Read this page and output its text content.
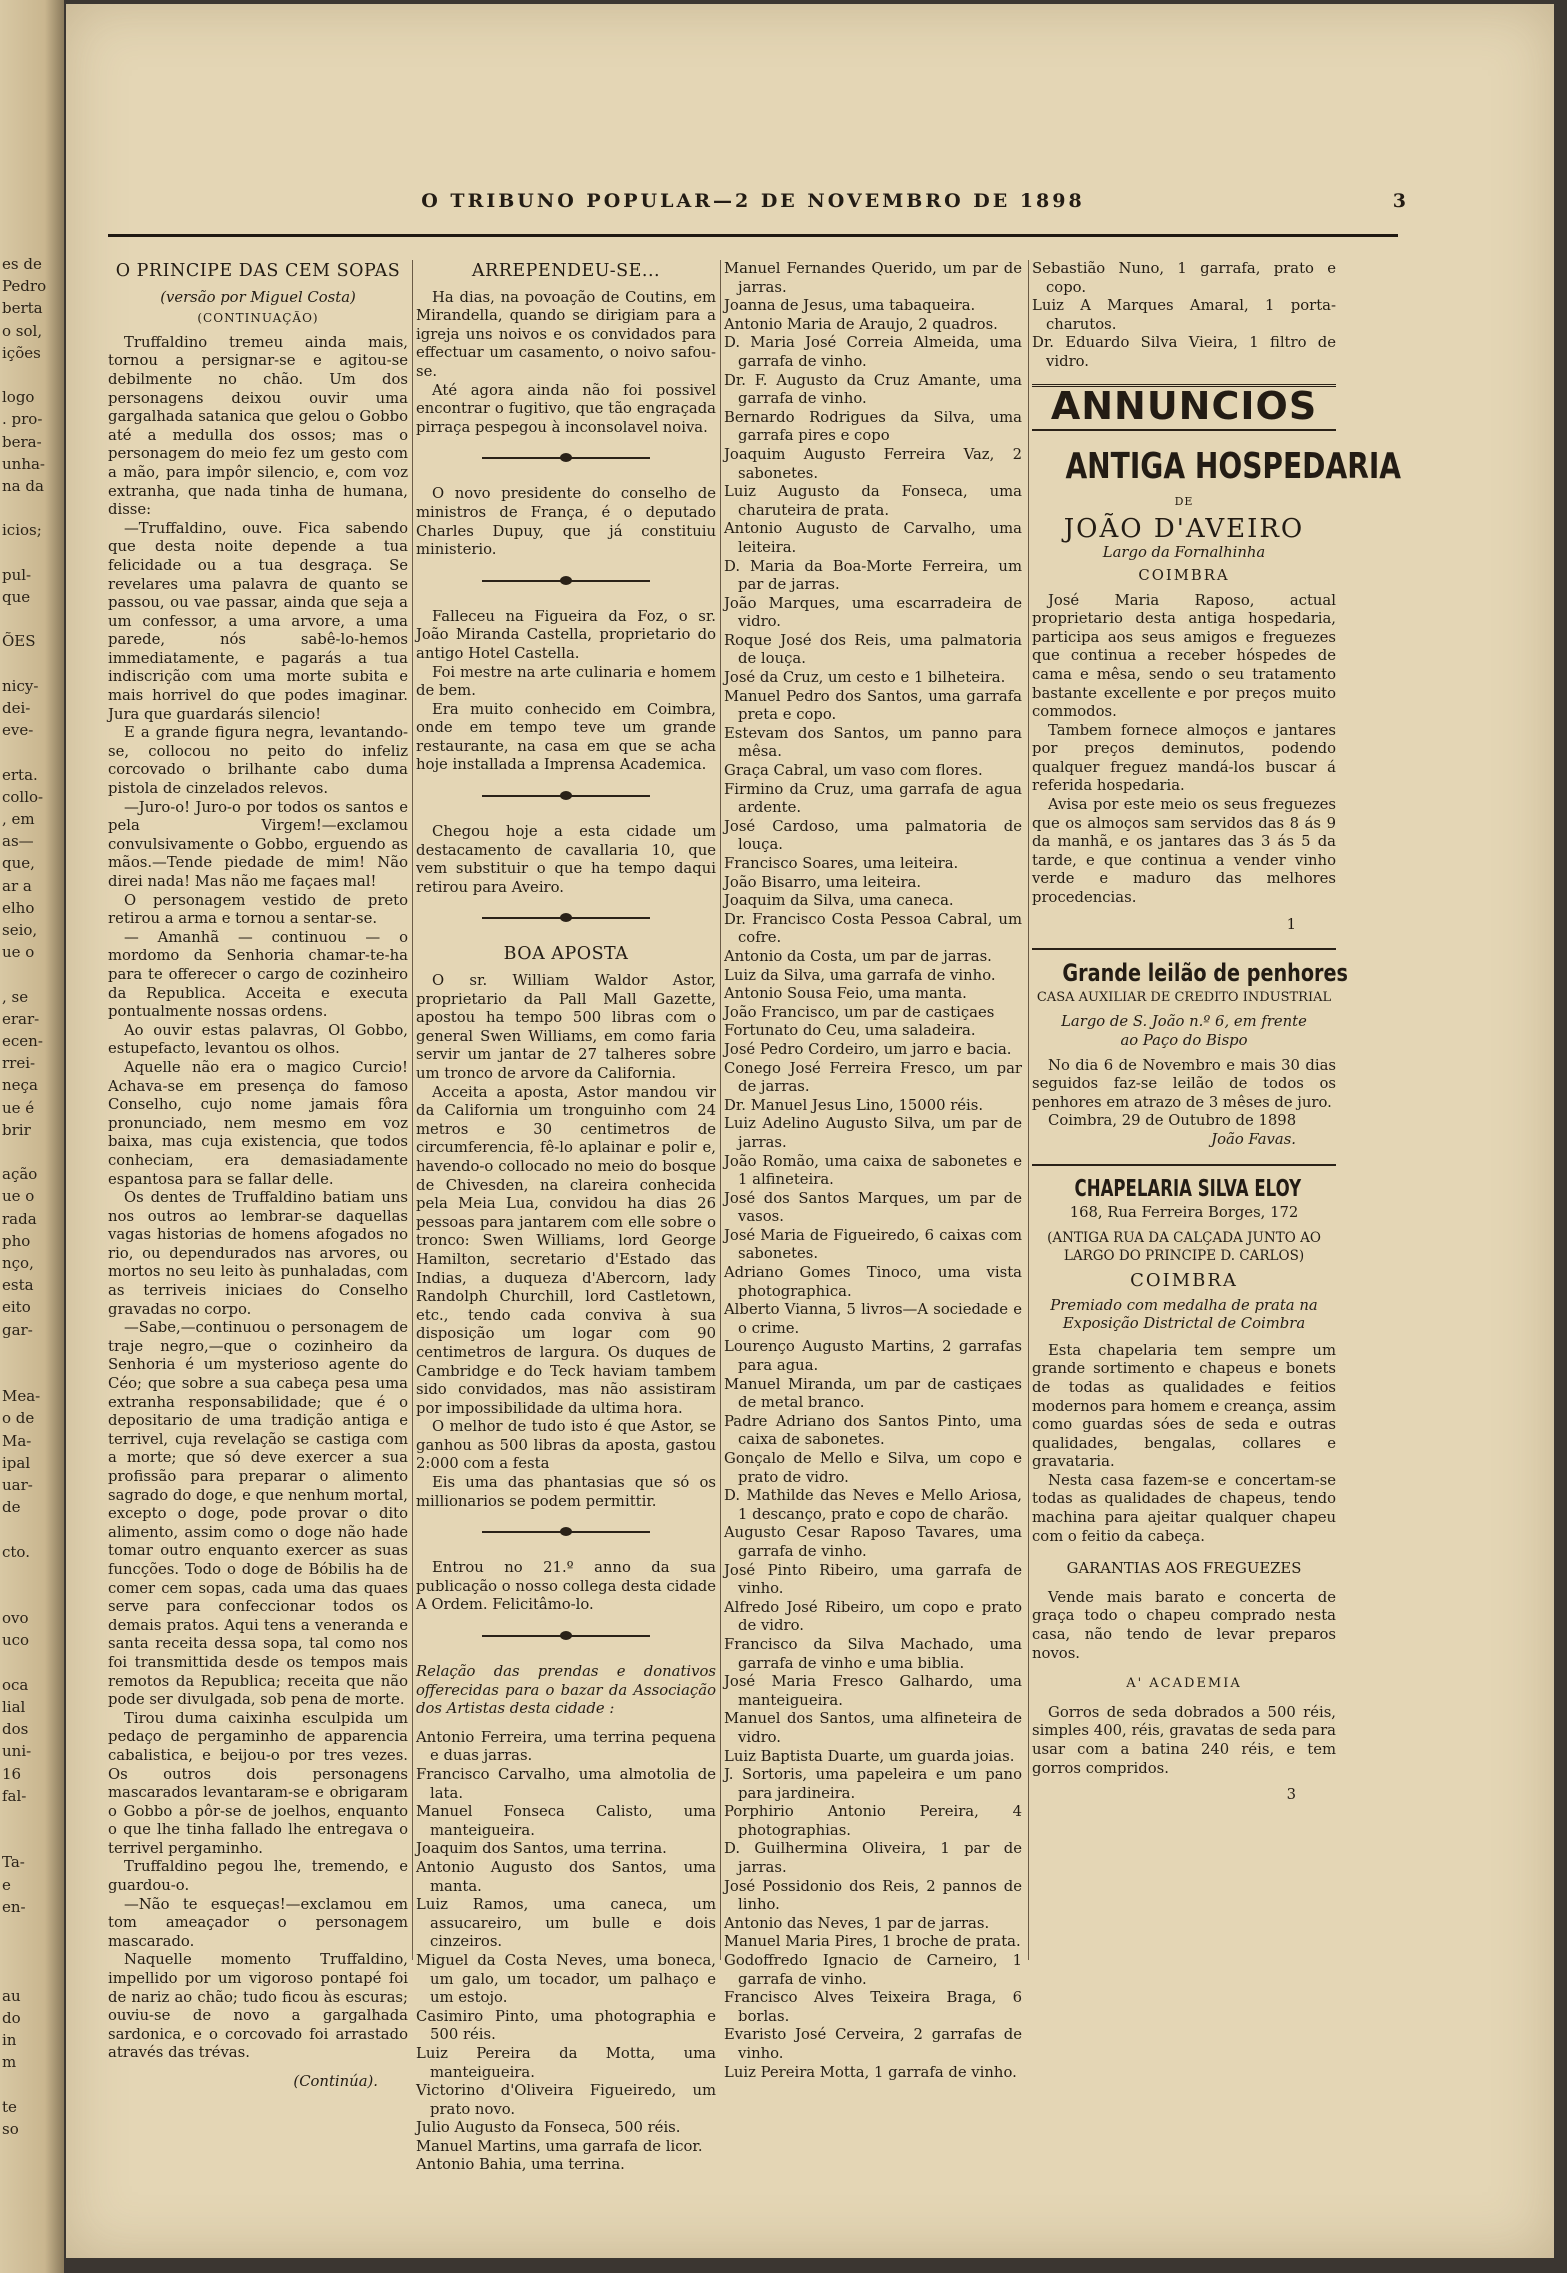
es de
Pedro
berta
o sol,
ições
logo
. pro-
bera-
unha-
na da
icios;
pul-
que
ÕES
nicy-
dei-
eve-
erta.
collo-
, em
as—
que,
ar a
elho
seio,
ue o
, se
erar-
ecen-
rrei-
neça
ue é
brir
ação
ue o
rada
pho
nço,
esta
eito
gar-
Mea-
o de
Ma-
ipal
uar-
de
cto.
ovo
uco
oca
lial
dos
uni-
16
fal-
Ta-
e
en-
au
do
in
m
te
so
O TRIBUNO POPULAR—2 DE NOVEMBRO DE 1898	3
O PRINCIPE DAS CEM SOPAS

(versão por Miguel Costa)

(CONTINUAÇÃO)

Truffaldino tremeu ainda mais, tornou a persignar-se e agitou-se debilmente no chão. Um dos personagens deixou ouvir uma gargalhada satanica que gelou o Gobbo até a medulla dos ossos; mas o personagem do meio fez um gesto com a mão, para impôr silencio, e, com voz extranha, que nada tinha de humana, disse:

—Truffaldino, ouve. Fica sabendo que desta noite depende a tua felicidade ou a tua desgraça. Se revelares uma palavra de quanto se passou, ou vae passar, ainda que seja a um confessor, a uma arvore, a uma parede, nós sabê-lo-hemos immediatamente, e pagarás a tua indiscrição com uma morte subita e mais horrivel do que podes imaginar. Jura que guardarás silencio!

E a grande figura negra, levantando-se, collocou no peito do infeliz corcovado o brilhante cabo duma pistola de cinzelados relevos.

—Juro-o! Juro-o por todos os santos e pela Virgem!—exclamou convulsivamente o Gobbo, erguendo as mãos.—Tende piedade de mim! Não direi nada! Mas não me façaes mal!

O personagem vestido de preto retirou a arma e tornou a sentar-se.

— Amanhã — continuou — o mordomo da Senhoria chamar-te-ha para te offerecer o cargo de cozinheiro da Republica. Acceita e executa pontualmente nossas ordens.

Ao ouvir estas palavras, Ol Gobbo, estupefacto, levantou os olhos.

Aquelle não era o magico Curcio! Achava-se em presença do famoso Conselho, cujo nome jamais fôra pronunciado, nem mesmo em voz baixa, mas cuja existencia, que todos conheciam, era demasiadamente espantosa para se fallar delle.

Os dentes de Truffaldino batiam uns nos outros ao lembrar-se daquellas vagas historias de homens afogados no rio, ou dependurados nas arvores, ou mortos no seu leito às punhaladas, com as terriveis iniciaes do Conselho gravadas no corpo.

—Sabe,—continuou o personagem de traje negro,—que o cozinheiro da Senhoria é um mysterioso agente do Céo; que sobre a sua cabeça pesa uma extranha responsabilidade; que é o depositario de uma tradição antiga e terrivel, cuja revelação se castiga com a morte; que só deve exercer a sua profissão para preparar o alimento sagrado do doge, e que nenhum mortal, excepto o doge, pode provar o dito alimento, assim como o doge não hade tomar outro enquanto exercer as suas funcções. Todo o doge de Bóbilis ha de comer cem sopas, cada uma das quaes serve para confeccionar todos os demais pratos. Aqui tens a veneranda e santa receita dessa sopa, tal como nos foi transmittida desde os tempos mais remotos da Republica; receita que não pode ser divulgada, sob pena de morte.

Tirou duma caixinha esculpida um pedaço de pergaminho de apparencia cabalistica, e beijou-o por tres vezes. Os outros dois personagens mascarados levantaram-se e obrigaram o Gobbo a pôr-se de joelhos, enquanto o que lhe tinha fallado lhe entregava o terrivel pergaminho.

Truffaldino pegou lhe, tremendo, e guardou-o.

—Não te esqueças!—exclamou em tom ameaçador o personagem mascarado.

Naquelle momento Truffaldino, impellido por um vigoroso pontapé foi de nariz ao chão; tudo ficou às escuras; ouviu-se de novo a gargalhada sardonica, e o corcovado foi arrastado através das trévas.

(Continúa).

ARREPENDEU-SE...

Ha dias, na povoação de Coutins, em Mirandella, quando se dirigiam para a igreja uns noivos e os convidados para effectuar um casamento, o noivo safou-se.

Até agora ainda não foi possivel encontrar o fugitivo, que tão engraçada pirraça pespegou à inconsolavel noiva.

O novo presidente do conselho de ministros de França, é o deputado Charles Dupuy, que já constituiu ministerio.

Falleceu na Figueira da Foz, o sr. João Miranda Castella, proprietario do antigo Hotel Castella.

Foi mestre na arte culinaria e homem de bem.

Era muito conhecido em Coimbra, onde em tempo teve um grande restaurante, na casa em que se acha hoje installada a Imprensa Academica.

Chegou hoje a esta cidade um destacamento de cavallaria 10, que vem substituir o que ha tempo daqui retirou para Aveiro.

BOA APOSTA

O sr. William Waldor Astor, proprietario da Pall Mall Gazette, apostou ha tempo 500 libras com o general Swen Williams, em como faria servir um jantar de 27 talheres sobre um tronco de arvore da California.

Acceita a aposta, Astor mandou vir da California um tronguinho com 24 metros e 30 centimetros de circumferencia, fê-lo aplainar e polir e, havendo-o collocado no meio do bosque de Chivesden, na clareira conhecida pela Meia Lua, convidou ha dias 26 pessoas para jantarem com elle sobre o tronco: Swen Williams, lord George Hamilton, secretario d'Estado das Indias, a duqueza d'Abercorn, lady Randolph Churchill, lord Castletown, etc., tendo cada conviva à sua disposição um logar com 90 centimetros de largura. Os duques de Cambridge e do Teck haviam tambem sido convidados, mas não assistiram por impossibilidade da ultima hora.

O melhor de tudo isto é que Astor, se ganhou as 500 libras da aposta, gastou 2:000 com a festa

Eis uma das phantasias que só os millionarios se podem permittir.

Entrou no 21.º anno da sua publicação o nosso collega desta cidade A Ordem. Felicitâmo-lo.

Relação das prendas e donativos offerecidas para o bazar da Associação dos Artistas desta cidade :

Antonio Ferreira, uma terrina pequena e duas jarras.

Francisco Carvalho, uma almotolia de lata.

Manuel Fonseca Calisto, uma manteigueira.

Joaquim dos Santos, uma terrina.

Antonio Augusto dos Santos, uma manta.

Luiz Ramos, uma caneca, um assucareiro, um bulle e dois cinzeiros.

Miguel da Costa Neves, uma boneca, um galo, um tocador, um palhaço e um estojo.

Casimiro Pinto, uma photographia e 500 réis.

Luiz Pereira da Motta, uma manteigueira.

Victorino d'Oliveira Figueiredo, um prato novo.

Julio Augusto da Fonseca, 500 réis.

Manuel Martins, uma garrafa de licor.

Antonio Bahia, uma terrina.

Manuel Fernandes Querido, um par de jarras.

Joanna de Jesus, uma tabaqueira.

Antonio Maria de Araujo, 2 quadros.

D. Maria José Correia Almeida, uma garrafa de vinho.

Dr. F. Augusto da Cruz Amante, uma garrafa de vinho.

Bernardo Rodrigues da Silva, uma garrafa pires e copo

Joaquim Augusto Ferreira Vaz, 2 sabonetes.

Luiz Augusto da Fonseca, uma charuteira de prata.

Antonio Augusto de Carvalho, uma leiteira.

D. Maria da Boa-Morte Ferreira, um par de jarras.

João Marques, uma escarradeira de vidro.

Roque José dos Reis, uma palmatoria de louça.

José da Cruz, um cesto e 1 bilheteira.

Manuel Pedro dos Santos, uma garrafa preta e copo.

Estevam dos Santos, um panno para mêsa.

Graça Cabral, um vaso com flores.

Firmino da Cruz, uma garrafa de agua ardente.

José Cardoso, uma palmatoria de louça.

Francisco Soares, uma leiteira.

João Bisarro, uma leiteira.

Joaquim da Silva, uma caneca.

Dr. Francisco Costa Pessoa Cabral, um cofre.

Antonio da Costa, um par de jarras.

Luiz da Silva, uma garrafa de vinho.

Antonio Sousa Feio, uma manta.

João Francisco, um par de castiçaes

Fortunato do Ceu, uma saladeira.

José Pedro Cordeiro, um jarro e bacia.

Conego José Ferreira Fresco, um par de jarras.

Dr. Manuel Jesus Lino, 15000 réis.

Luiz Adelino Augusto Silva, um par de jarras.

João Romão, uma caixa de sabonetes e 1 alfineteira.

José dos Santos Marques, um par de vasos.

José Maria de Figueiredo, 6 caixas com sabonetes.

Adriano Gomes Tinoco, uma vista photographica.

Alberto Vianna, 5 livros—A sociedade e o crime.

Lourenço Augusto Martins, 2 garrafas para agua.

Manuel Miranda, um par de castiçaes de metal branco.

Padre Adriano dos Santos Pinto, uma caixa de sabonetes.

Gonçalo de Mello e Silva, um copo e prato de vidro.

D. Mathilde das Neves e Mello Ariosa, 1 descanço, prato e copo de charão.

Augusto Cesar Raposo Tavares, uma garrafa de vinho.

José Pinto Ribeiro, uma garrafa de vinho.

Alfredo José Ribeiro, um copo e prato de vidro.

Francisco da Silva Machado, uma garrafa de vinho e uma biblia.

José Maria Fresco Galhardo, uma manteigueira.

Manuel dos Santos, uma alfineteira de vidro.

Luiz Baptista Duarte, um guarda joias.

J. Sortoris, uma papeleira e um pano para jardineira.

Porphirio Antonio Pereira, 4 photographias.

D. Guilhermina Oliveira, 1 par de jarras.

José Possidonio dos Reis, 2 pannos de linho.

Antonio das Neves, 1 par de jarras.

Manuel Maria Pires, 1 broche de prata.

Godoffredo Ignacio de Carneiro, 1 garrafa de vinho.

Francisco Alves Teixeira Braga, 6 borlas.

Evaristo José Cerveira, 2 garrafas de vinho.

Luiz Pereira Motta, 1 garrafa de vinho.

Sebastião Nuno, 1 garrafa, prato e copo.

Luiz A Marques Amaral, 1 porta-charutos.

Dr. Eduardo Silva Vieira, 1 filtro de vidro.

ANNUNCIOS
ANTIGA HOSPEDARIA

DE

JOÃO D'AVEIRO

Largo da Fornalhinha

COIMBRA

José Maria Raposo, actual proprietario desta antiga hospedaria, participa aos seus amigos e freguezes que continua a receber hóspedes de cama e mêsa, sendo o seu tratamento bastante excellente e por preços muito commodos.

Tambem fornece almoços e jantares por preços deminutos, podendo qualquer freguez mandá-los buscar á referida hospedaria.

Avisa por este meio os seus freguezes que os almoços sam servidos das 8 ás 9 da manhã, e os jantares das 3 ás 5 da tarde, e que continua a vender vinho verde e maduro das melhores procedencias.

1

Grande leilão de penhores

CASA AUXILIAR DE CREDITO INDUSTRIAL

Largo de S. João n.º 6, em frente ao Paço do Bispo

No dia 6 de Novembro e mais 30 dias seguidos faz-se leilão de todos os penhores em atrazo de 3 mêses de juro.

Coimbra, 29 de Outubro de 1898

João Favas.

CHAPELARIA SILVA ELOY

168, Rua Ferreira Borges, 172

(ANTIGA RUA DA CALÇADA JUNTO AO

LARGO DO PRINCIPE D. CARLOS)

COIMBRA

Premiado com medalha de prata na Exposição Districtal de Coimbra

Esta chapelaria tem sempre um grande sortimento e chapeus e bonets de todas as qualidades e feitios modernos para homem e creança, assim como guardas sóes de seda e outras qualidades, bengalas, collares e gravataria.

Nesta casa fazem-se e concertam-se todas as qualidades de chapeus, tendo machina para ajeitar qualquer chapeu com o feitio da cabeça.

GARANTIAS AOS FREGUEZES

Vende mais barato e concerta de graça todo o chapeu comprado nesta casa, não tendo de levar preparos novos.

A' ACADEMIA

Gorros de seda dobrados a 500 réis, simples 400, réis, gravatas de seda para usar com a batina 240 réis, e tem gorros compridos.

3
